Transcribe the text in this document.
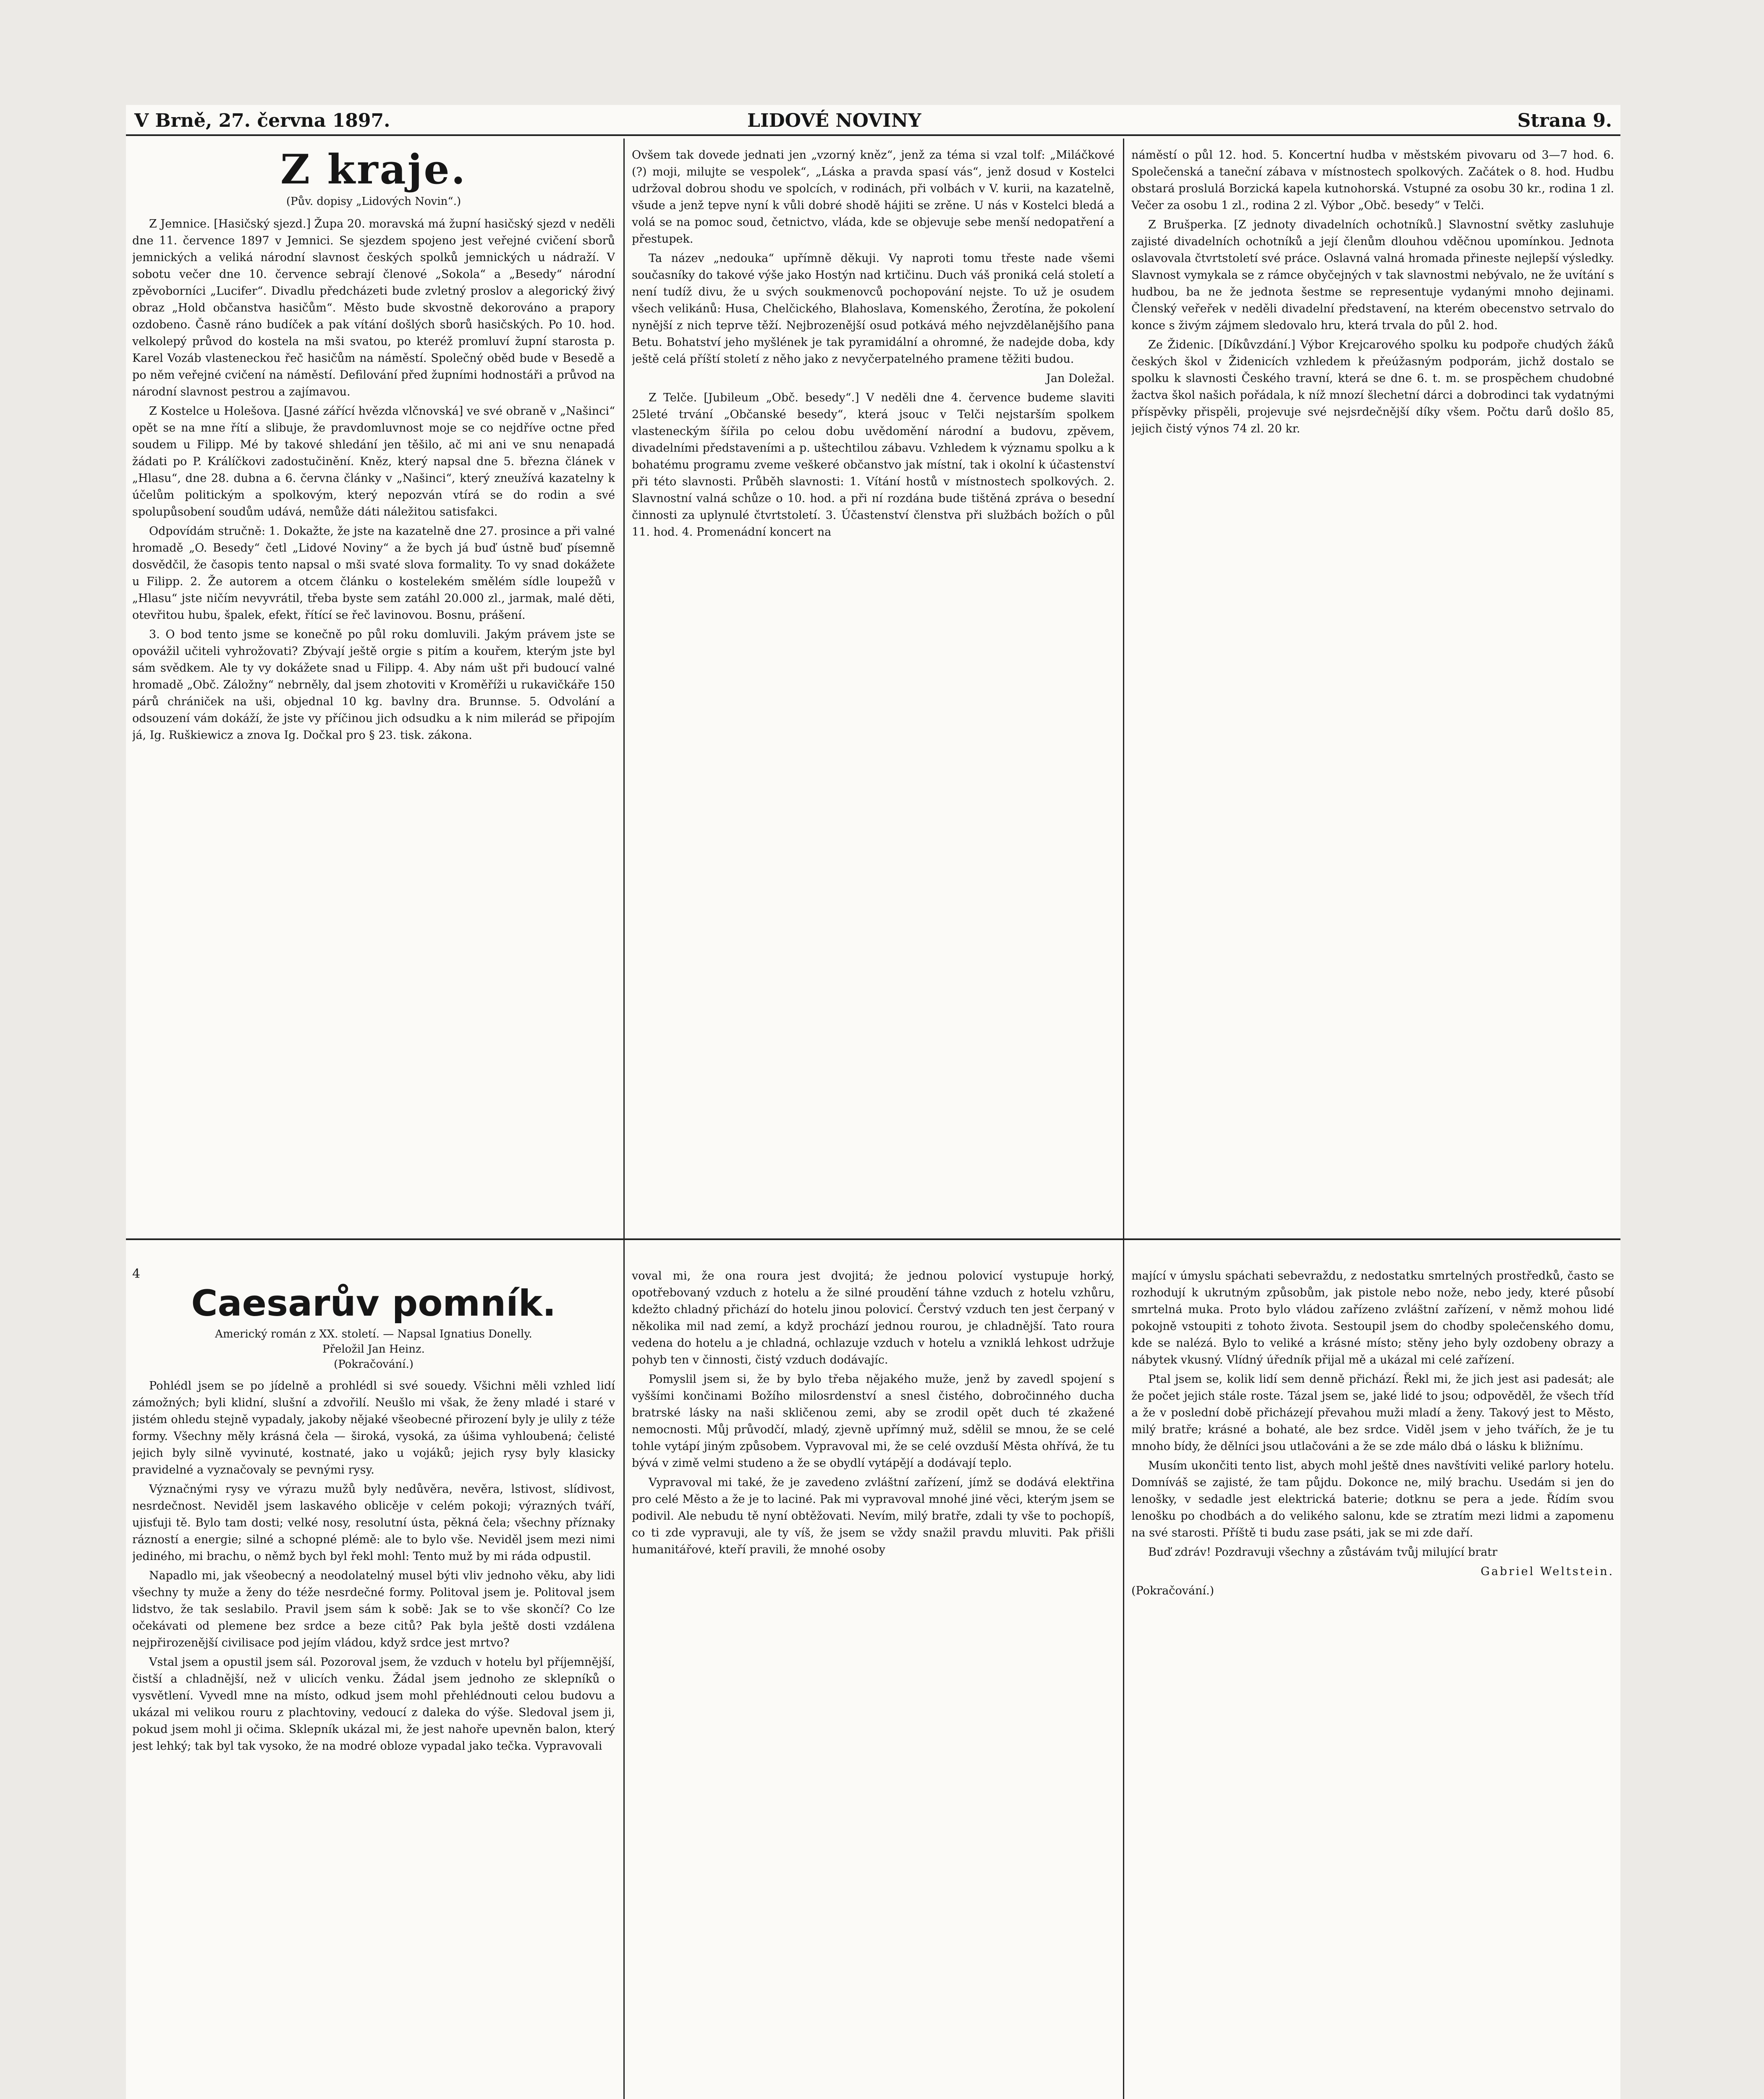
V Brně, 27. června 1897.	LIDOVÉ NOVINY	Strana 9.
Z kraje.
(Pův. dopisy „Lidových Novin“.)

Z Jemnice. [Hasičský sjezd.] Župa 20. moravská má župní hasičský sjezd v neděli dne 11. července 1897 v Jemnici. Se sjezdem spojeno jest veřejné cvičení sborů jemnických a veliká národní slavnost českých spolků jemnických u nádraží. V sobotu večer dne 10. července sebrají členové „Sokola“ a „Besedy“ národní zpěvoborníci „Lucifer“. Divadlu předcházeti bude zvletný proslov a alegorický živý obraz „Hold občanstva hasičům“. Město bude skvostně dekorováno a prapory ozdobeno. Časně ráno budíček a pak vítání došlých sborů hasičských. Po 10. hod. velkolepý průvod do kostela na mši svatou, po kteréž promluví župní starosta p. Karel Vozáb vlasteneckou řeč hasičům na náměstí. Společný oběd bude v Besedě a po něm veřejné cvičení na náměstí. Defilování před župními hodnostáři a průvod na národní slavnost pestrou a zajímavou.

Z Kostelce u Holešova. [Jasné zářící hvězda vlčnovská] ve své obraně v „Našinci“ opět se na mne řítí a slibuje, že pravdomluvnost moje se co nejdříve octne před soudem u Filipp. Mé by takové shledání jen těšilo, ač mi ani ve snu nenapadá žádati po P. Králíčkovi zadostučinění. Kněz, který napsal dne 5. března článek v „Hlasu“, dne 28. dubna a 6. června články v „Našinci“, který zneužívá kazatelny k účelům politickým a spolkovým, který nepozván vtírá se do rodin a své spolupůsobení soudům udává, nemůže dáti náležitou satisfakci.

Odpovídám stručně: 1. Dokažte, že jste na kazatelně dne 27. prosince a při valné hromadě „O. Besedy“ četl „Lidové Noviny“ a že bych já buď ústně buď písemně dosvědčil, že časopis tento napsal o mši svaté slova formality. To vy snad dokážete u Filipp. 2. Že autorem a otcem článku o kostelekém smělém sídle loupežů v „Hlasu“ jste ničím nevyvrátil, třeba byste sem zatáhl 20.000 zl., jarmak, malé děti, otevřitou hubu, špalek, efekt, řítící se řeč lavinovou. Bosnu, prášení.

3. O bod tento jsme se konečně po půl roku domluvili. Jakým právem jste se opovážil učiteli vyhrožovati? Zbývají ještě orgie s pitím a kouřem, kterým jste byl sám svědkem. Ale ty vy dokážete snad u Filipp. 4. Aby nám ušt při budoucí valné hromadě „Obč. Záložny“ nebrněly, dal jsem zhotoviti v Kroměříži u rukavičkáře 150 párů chrániček na uši, objednal 10 kg. bavlny dra. Brunnse. 5. Odvolání a odsouzení vám dokáží, že jste vy příčinou jich odsudku a k nim milerád se připojím já, Ig. Ruškiewicz a znova Ig. Dočkal pro § 23. tisk. zákona.

Ovšem tak dovede jednati jen „vzorný kněz“, jenž za téma si vzal tolf: „Miláčkové (?) moji, milujte se vespolek“, „Láska a pravda spasí vás“, jenž dosud v Kostelci udržoval dobrou shodu ve spolcích, v rodinách, při volbách v V. kurii, na kazatelně, všude a jenž tepve nyní k vůli dobré shodě hájiti se zrěne. U nás v Kostelci bledá a volá se na pomoc soud, četnictvo, vláda, kde se objevuje sebe menší nedopatření a přestupek.

Ta název „nedouka“ upřímně děkuji. Vy naproti tomu třeste nade všemi současníky do takové výše jako Hostýn nad krtičinu. Duch váš proniká celá století a není tudíž divu, že u svých soukmenovců pochopování nejste. To už je osudem všech velikánů: Husa, Chelčického, Blahoslava, Komenského, Žerotína, že pokolení nynější z nich teprve těží. Nejbrozenější osud potkává mého nejvzdělanějšího pana Betu. Bohatství jeho myšlének je tak pyramidální a ohromné, že nadejde doba, kdy ještě celá příští století z něho jako z nevyčerpatelného pramene těžiti budou.

Jan Doležal.

Z Telče. [Jubileum „Obč. besedy“.] V neděli dne 4. července budeme slaviti 25leté trvání „Občanské besedy“, která jsouc v Telči nejstarším spolkem vlasteneckým šířila po celou dobu uvědomění národní a budovu, zpěvem, divadelními představeními a p. uštechtilou zábavu. Vzhledem k významu spolku a k bohatému programu zveme veškeré občanstvo jak místní, tak i okolní k účastenství při této slavnosti. Průběh slavnosti: 1. Vítání hostů v místnostech spolkových. 2. Slavnostní valná schůze o 10. hod. a při ní rozdána bude tištěná zpráva o besední činnosti za uplynulé čtvrtstoletí. 3. Účastenství členstva při službách božích o půl 11. hod. 4. Promenádní koncert na

náměstí o půl 12. hod. 5. Koncertní hudba v městském pivovaru od 3—7 hod. 6. Společenská a taneční zábava v místnostech spolkových. Začátek o 8. hod. Hudbu obstará proslulá Borzická kapela kutnohorská. Vstupné za osobu 30 kr., rodina 1 zl. Večer za osobu 1 zl., rodina 2 zl. Výbor „Obč. besedy“ v Telči.

Z Brušperka. [Z jednoty divadelních ochotníků.] Slavnostní světky zasluhuje zajisté divadelních ochotníků a její členům dlouhou vděčnou upomínkou. Jednota oslavovala čtvrtstoletí své práce. Oslavná valná hromada přineste nejlepší výsledky. Slavnost vymykala se z rámce obyčejných v tak slavnostmi nebývalo, ne že uvítání s hudbou, ba ne že jednota šestme se representuje vydanými mnoho dejinami. Členský veřeřek v neděli divadelní představení, na kterém obecenstvo setrvalo do konce s živým zájmem sledovalo hru, která trvala do půl 2. hod.

Ze Židenic. [Díkůvzdání.] Výbor Krejcarového spolku ku podpoře chudých žáků českých škol v Židenicích vzhledem k přeúžasným podporám, jichž dostalo se spolku k slavnosti Českého travní, která se dne 6. t. m. se prospěchem chudobné žactva škol našich pořádala, k níž mnozí šlechetní dárci a dobrodinci tak vydatnými příspěvky přispěli, projevuje své nejsrdečnější díky všem. Počtu darů došlo 85, jejich čistý výnos 74 zl. 20 kr.

4
Caesarův pomník.
Americký román z XX. století. — Napsal Ignatius Donelly.
Přeložil Jan Heinz.
(Pokračování.)

Pohlédl jsem se po jídelně a prohlédl si své souedy. Všichni měli vzhled lidí zámožných; byli klidní, slušní a zdvořilí. Neušlo mi však, že ženy mladé i staré v jistém ohledu stejně vypadaly, jakoby nějaké všeobecné přirození byly je ulily z téže formy. Všechny měly krásná čela — široká, vysoká, za úšima vyhloubená; čelisté jejich byly silně vyvinuté, kostnaté, jako u vojáků; jejich rysy byly klasicky pravidelné a vyznačovaly se pevnými rysy.

Význačnými rysy ve výrazu mužů byly nedůvěra, nevěra, lstivost, slídivost, nesrdečnost. Neviděl jsem laskavého oblicěje v celém pokoji; výrazných tváří, ujisťuji tě. Bylo tam dosti; velké nosy, resolutní ústa, pěkná čela; všechny příznaky rázností a energie; silné a schopné plémě: ale to bylo vše. Neviděl jsem mezi nimi jediného, mi brachu, o němž bych byl řekl mohl: Tento muž by mi ráda odpustil.

Napadlo mi, jak všeobecný a neodolatelný musel býti vliv jednoho věku, aby lidi všechny ty muže a ženy do téže nesrdečné formy. Politoval jsem je. Politoval jsem lidstvo, že tak seslabilo. Pravil jsem sám k sobě: Jak se to vše skončí? Co lze očekávati od plemene bez srdce a beze citů? Pak byla ještě dosti vzdálena nejpřirozenější civilisace pod jejím vládou, když srdce jest mrtvo?

Vstal jsem a opustil jsem sál. Pozoroval jsem, že vzduch v hotelu byl příjemnější, čistší a chladnější, než v ulicích venku. Žádal jsem jednoho ze sklepníků o vysvětlení. Vyvedl mne na místo, odkud jsem mohl přehlédnouti celou budovu a ukázal mi velikou rouru z plachtoviny, vedoucí z daleka do výše. Sledoval jsem ji, pokud jsem mohl ji očima. Sklepník ukázal mi, že jest nahoře upevněn balon, který jest lehký; tak byl tak vysoko, že na modré obloze vypadal jako tečka. Vypravovali

voval mi, že ona roura jest dvojitá; že jednou polovicí vystupuje horký, opotřebovaný vzduch z hotelu a že silné proudění táhne vzduch z hotelu vzhůru, kdežto chladný přichází do hotelu jinou polovicí. Čerstvý vzduch ten jest čerpaný v několika mil nad zemí, a když prochází jednou rourou, je chladnější. Tato roura vedena do hotelu a je chladná, ochlazuje vzduch v hotelu a vzniklá lehkost udržuje pohyb ten v činnosti, čistý vzduch dodávajíc.

Pomyslil jsem si, že by bylo třeba nějakého muže, jenž by zavedl spojení s vyššími končinami Božího milosrdenství a snesl čistého, dobročinného ducha bratrské lásky na naši skličenou zemi, aby se zrodil opět duch té zkažené nemocnosti. Můj průvodčí, mladý, zjevně upřímný muž, sdělil se mnou, že se celé tohle vytápí jiným způsobem. Vypravoval mi, že se celé ovzduší Města ohřívá, že tu bývá v zimě velmi studeno a že se obydlí vytápějí a dodávají teplo.

Vypravoval mi také, že je zavedeno zvláštní zařízení, jímž se dodává elektřina pro celé Město a že je to laciné. Pak mi vypravoval mnohé jiné věci, kterým jsem se podivil. Ale nebudu tě nyní obtěžovati. Nevím, milý bratře, zdali ty vše to pochopíš, co ti zde vypravuji, ale ty víš, že jsem se vždy snažil pravdu mluviti. Pak přišli humanitářové, kteří pravili, že mnohé osoby

mající v úmyslu spáchati sebevraždu, z nedostatku smrtelných prostředků, často se rozhodují k ukrutným způsobům, jak pistole nebo nože, nebo jedy, které působí smrtelná muka. Proto bylo vládou zařízeno zvláštní zařízení, v němž mohou lidé pokojně vstoupiti z tohoto života. Sestoupil jsem do chodby společenského domu, kde se nalézá. Bylo to veliké a krásné místo; stěny jeho byly ozdobeny obrazy a nábytek vkusný. Vlídný úředník přijal mě a ukázal mi celé zařízení.

Ptal jsem se, kolik lidí sem denně přichází. Řekl mi, že jich jest asi padesát; ale že počet jejich stále roste. Tázal jsem se, jaké lidé to jsou; odpověděl, že všech tříd a že v poslední době přicházejí převahou muži mladí a ženy. Takový jest to Město, milý bratře; krásné a bohaté, ale bez srdce. Viděl jsem v jeho tvářích, že je tu mnoho bídy, že dělníci jsou utlačováni a že se zde málo dbá o lásku k bližnímu.

Musím ukončiti tento list, abych mohl ještě dnes navštíviti veliké parlory hotelu. Domníváš se zajisté, že tam půjdu. Dokonce ne, milý brachu. Usedám si jen do lenošky, v sedadle jest elektrická baterie; dotknu se pera a jede. Řídím svou lenošku po chodbách a do velikého salonu, kde se ztratím mezi lidmi a zapomenu na své starosti. Příště ti budu zase psáti, jak se mi zde daří.

Buď zdráv! Pozdravuji všechny a zůstávám tvůj milující bratr

Gabriel Weltstein.

(Pokračování.)
